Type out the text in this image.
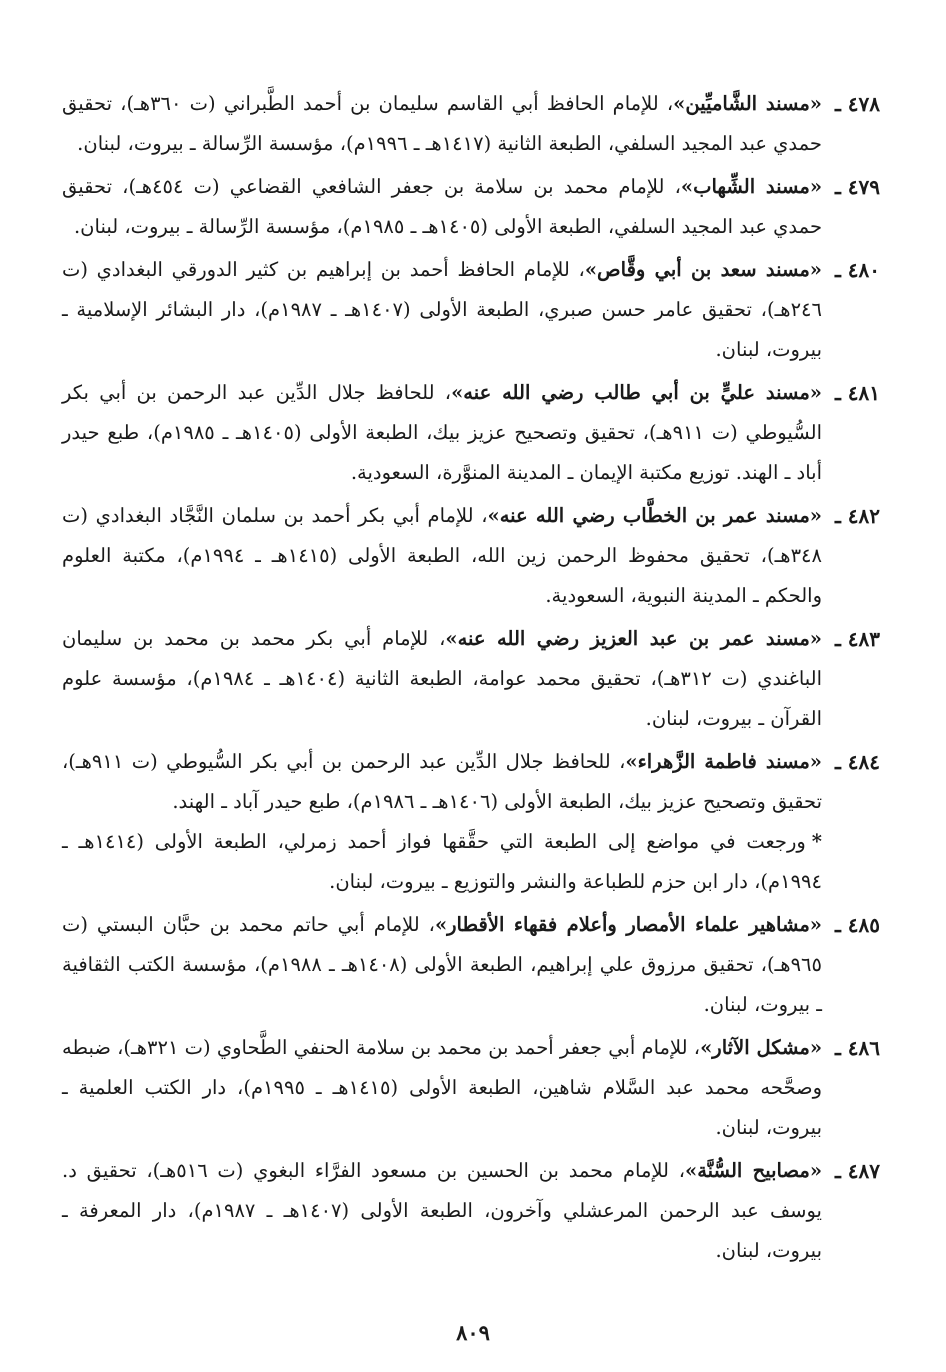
٤٧٨ ـ
«مسند الشَّاميِّين»، للإمام الحافظ أبي القاسم سليمان بن أحمد الطَّبراني (ت ٣٦٠هـ)، تحقيق حمدي عبد المجيد السلفي، الطبعة الثانية (١٤١٧هـ ـ ١٩٩٦م)، مؤسسة الرِّسالة ـ بيروت، لبنان.
٤٧٩ ـ
«مسند الشِّهاب»، للإمام محمد بن سلامة بن جعفر الشافعي القضاعي (ت ٤٥٤هـ)، تحقيق حمدي عبد المجيد السلفي، الطبعة الأولى (١٤٠٥هـ ـ ١٩٨٥م)، مؤسسة الرِّسالة ـ بيروت، لبنان.
٤٨٠ ـ
«مسند سعد بن أبي وقَّاص»، للإمام الحافظ أحمد بن إبراهيم بن كثير الدورقي البغدادي (ت ٢٤٦هـ)، تحقيق عامر حسن صبري، الطبعة الأولى (١٤٠٧هـ ـ ١٩٨٧م)، دار البشائر الإسلامية ـ بيروت، لبنان.
٤٨١ ـ
«مسند عليٍّ بن أبي طالب رضي الله عنه»، للحافظ جلال الدِّين عبد الرحمن بن أبي بكر السُّيوطي (ت ٩١١هـ)، تحقيق وتصحيح عزيز بيك، الطبعة الأولى (١٤٠٥هـ ـ ١٩٨٥م)، طبع حيدر أباد ـ الهند. توزيع مكتبة الإيمان ـ المدينة المنوَّرة، السعودية.
٤٨٢ ـ
«مسند عمر بن الخطَّاب رضي الله عنه»، للإمام أبي بكر أحمد بن سلمان النَّجَّاد البغدادي (ت ٣٤٨هـ)، تحقيق محفوظ الرحمن زين الله، الطبعة الأولى (١٤١٥هـ ـ ١٩٩٤م)، مكتبة العلوم والحكم ـ المدينة النبوية، السعودية.
٤٨٣ ـ
«مسند عمر بن عبد العزيز رضي الله عنه»، للإمام أبي بكر محمد بن محمد بن سليمان الباغندي (ت ٣١٢هـ)، تحقيق محمد عوامة، الطبعة الثانية (١٤٠٤هـ ـ ١٩٨٤م)، مؤسسة علوم القرآن ـ بيروت، لبنان.
٤٨٤ ـ
«مسند فاطمة الزَّهراء»، للحافظ جلال الدِّين عبد الرحمن بن أبي بكر السُّيوطي (ت ٩١١هـ)، تحقيق وتصحيح عزيز بيك، الطبعة الأولى (١٤٠٦هـ ـ ١٩٨٦م)، طبع حيدر آباد ـ الهند.
*ورجعت في مواضع إلى الطبعة التي حقَّقها فواز أحمد زمرلي، الطبعة الأولى (١٤١٤هـ ـ ١٩٩٤م)، دار ابن حزم للطباعة والنشر والتوزيع ـ بيروت، لبنان.
٤٨٥ ـ
«مشاهير علماء الأمصار وأعلام فقهاء الأقطار»، للإمام أبي حاتم محمد بن حبَّان البستي (ت ٩٦٥هـ)، تحقيق مرزوق علي إبراهيم، الطبعة الأولى (١٤٠٨هـ ـ ١٩٨٨م)، مؤسسة الكتب الثقافية ـ بيروت، لبنان.
٤٨٦ ـ
«مشكل الآثار»، للإمام أبي جعفر أحمد بن محمد بن سلامة الحنفي الطَّحاوي (ت ٣٢١هـ)، ضبطه وصحَّحه محمد عبد السَّلام شاهين، الطبعة الأولى (١٤١٥هـ ـ ١٩٩٥م)، دار الكتب العلمية ـ بيروت، لبنان.
٤٨٧ ـ
«مصابيح السُّنَّة»، للإمام محمد بن الحسين بن مسعود الفرَّاء البغوي (ت ٥١٦هـ)، تحقيق د. يوسف عبد الرحمن المرعشلي وآخرون، الطبعة الأولى (١٤٠٧هـ ـ ١٩٨٧م)، دار المعرفة ـ بيروت، لبنان.
٨٠٩
